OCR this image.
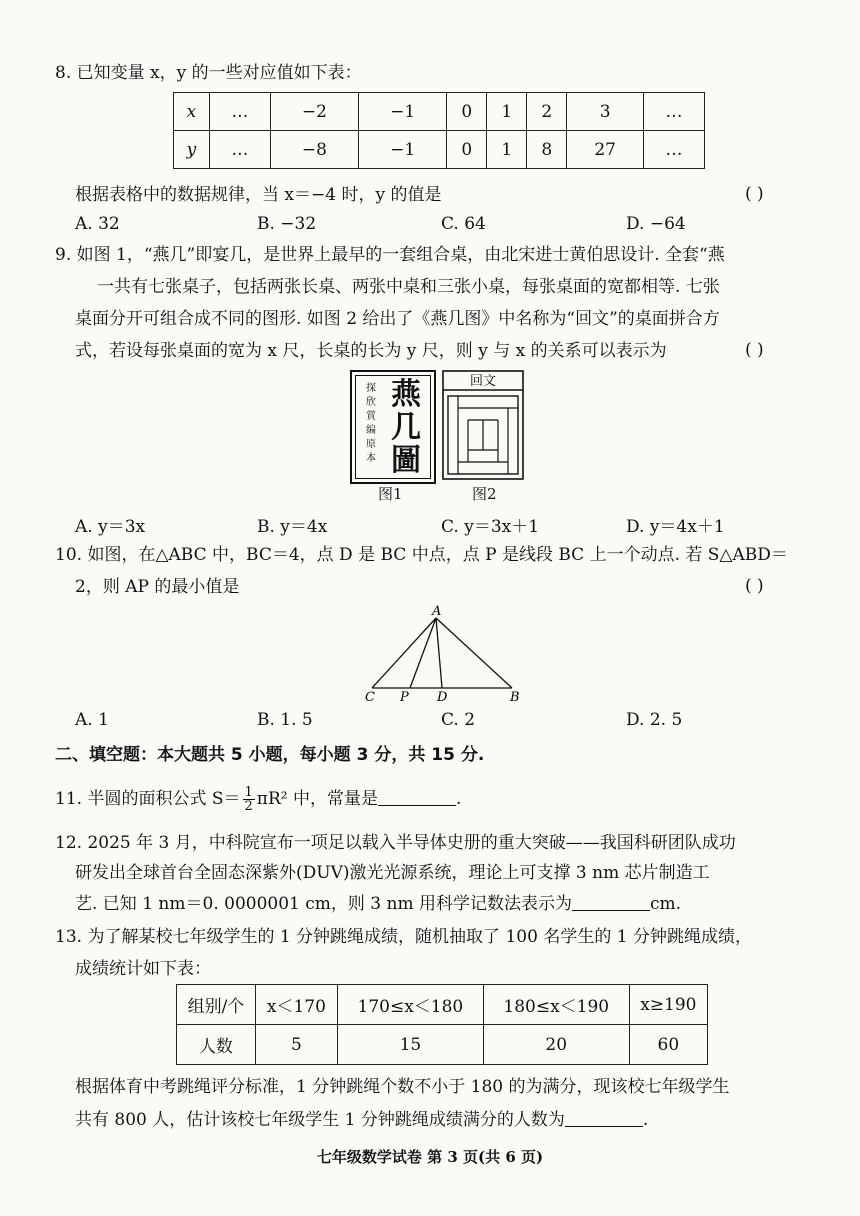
8. 已知变量 x，y 的一些对应值如下表：
x	…	−2	−1	0	1	2	3	…
y	…	−8	−1	0	1	8	27	…
根据表格中的数据规律，当 x＝−4 时，y 的值是	( )
A. 32	B. −32	C. 64	D. −64
9. 如图 1，“燕几”即宴几，是世界上最早的一套组合桌，由北宋进士黄伯思设计. 全套“燕
一共有七张桌子，包括两张长桌、两张中桌和三张小桌，每张桌面的宽都相等. 七张
桌面分开可组合成不同的图形. 如图 2 给出了《燕几图》中名称为“回文”的桌面拼合方
式，若设每张桌面的宽为 x 尺，长桌的长为 y 尺，则 y 与 x 的关系可以表示为	( )
探
欣
賞
编
原
本
燕
几
圖
图1
回文
图2
A. y＝3x	B. y＝4x	C. y＝3x＋1	D. y＝4x＋1
10. 如图，在△ABC 中，BC＝4，点 D 是 BC 中点，点 P 是线段 BC 上一个动点. 若 S△ABD＝
2，则 AP 的最小值是	( )
A
C P D	B
A. 1	B. 1. 5	C. 2	D. 2. 5
二、填空题：本大题共 5 小题，每小题 3 分，共 15 分.
11. 半圆的面积公式 $S= \frac{1}{2} \pi R^2$ 中，常量是	.
12. 2025 年 3 月，中科院宣布一项足以载入半导体史册的重大突破——我国科研团队成功
研发出全球首台全固态深紫外(DUV)激光光源系统，理论上可支撑 3 nm 芯片制造工
艺. 已知 1 nm＝0. 0000001 cm，则 3 nm 用科学记数法表示为	cm.
13. 为了解某校七年级学生的 1 分钟跳绳成绩，随机抽取了 100 名学生的 1 分钟跳绳成绩，
成绩统计如下表：
组别/个	x＜170	170≤x＜180	180≤x＜190	x≥190
人数	5	15	20	60
根据体育中考跳绳评分标准，1 分钟跳绳个数不小于 180 的为满分，现该校七年级学生
共有 800 人，估计该校七年级学生 1 分钟跳绳成绩满分的人数为	.
七年级数学试卷 第 3 页(共 6 页)
